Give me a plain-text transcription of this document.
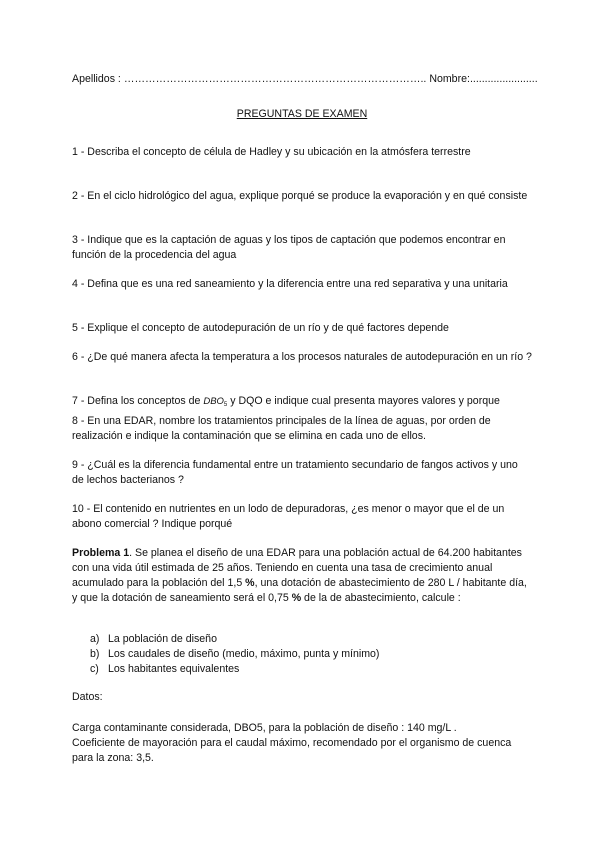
Apellidos : ………………………………………………………………………….. Nombre:.......................
PREGUNTAS DE EXAMEN
1 - Describa el concepto de célula de Hadley y su ubicación en la atmósfera terrestre
2 - En el ciclo hidrológico del agua, explique porqué se produce la evaporación y en qué consiste
3 - Indique que es la captación de aguas y los tipos de captación que podemos encontrar en función de la procedencia del agua
4 - Defina que es una red saneamiento y la diferencia entre una red separativa y una unitaria
5 - Explique el concepto de autodepuración de un río y de qué factores depende
6 - ¿De qué manera afecta la temperatura a los procesos naturales de autodepuración en un río ?
7 - Defina los conceptos de $DBO_5$ y DQO e indique cual presenta mayores valores y porque
8 - En una EDAR, nombre los tratamientos principales de la línea de aguas, por orden de realización e indique la contaminación que se elimina en cada uno de ellos.
9 - ¿Cuál es la diferencia fundamental entre un tratamiento secundario de fangos activos y uno de lechos bacterianos ?
10 - El contenido en nutrientes en un lodo de depuradoras, ¿es menor o mayor que el de un abono comercial ? Indique porqué
Problema 1. Se planea el diseño de una EDAR para una población actual de 64.200 habitantes con una vida útil estimada de 25 años. Teniendo en cuenta una tasa de crecimiento anual acumulado para la población del 1,5 %, una dotación de abastecimiento de 280 L / habitante día, y que la dotación de saneamiento será el 0,75 % de la de abastecimiento, calcule :
a) La población de diseño
b) Los caudales de diseño (medio, máximo, punta y mínimo)
c) Los habitantes equivalentes
Datos:
Carga contaminante considerada, DBO5, para la población de diseño : 140 mg/L .
Coeficiente de mayoración para el caudal máximo, recomendado por el organismo de cuenca para la zona: 3,5.
